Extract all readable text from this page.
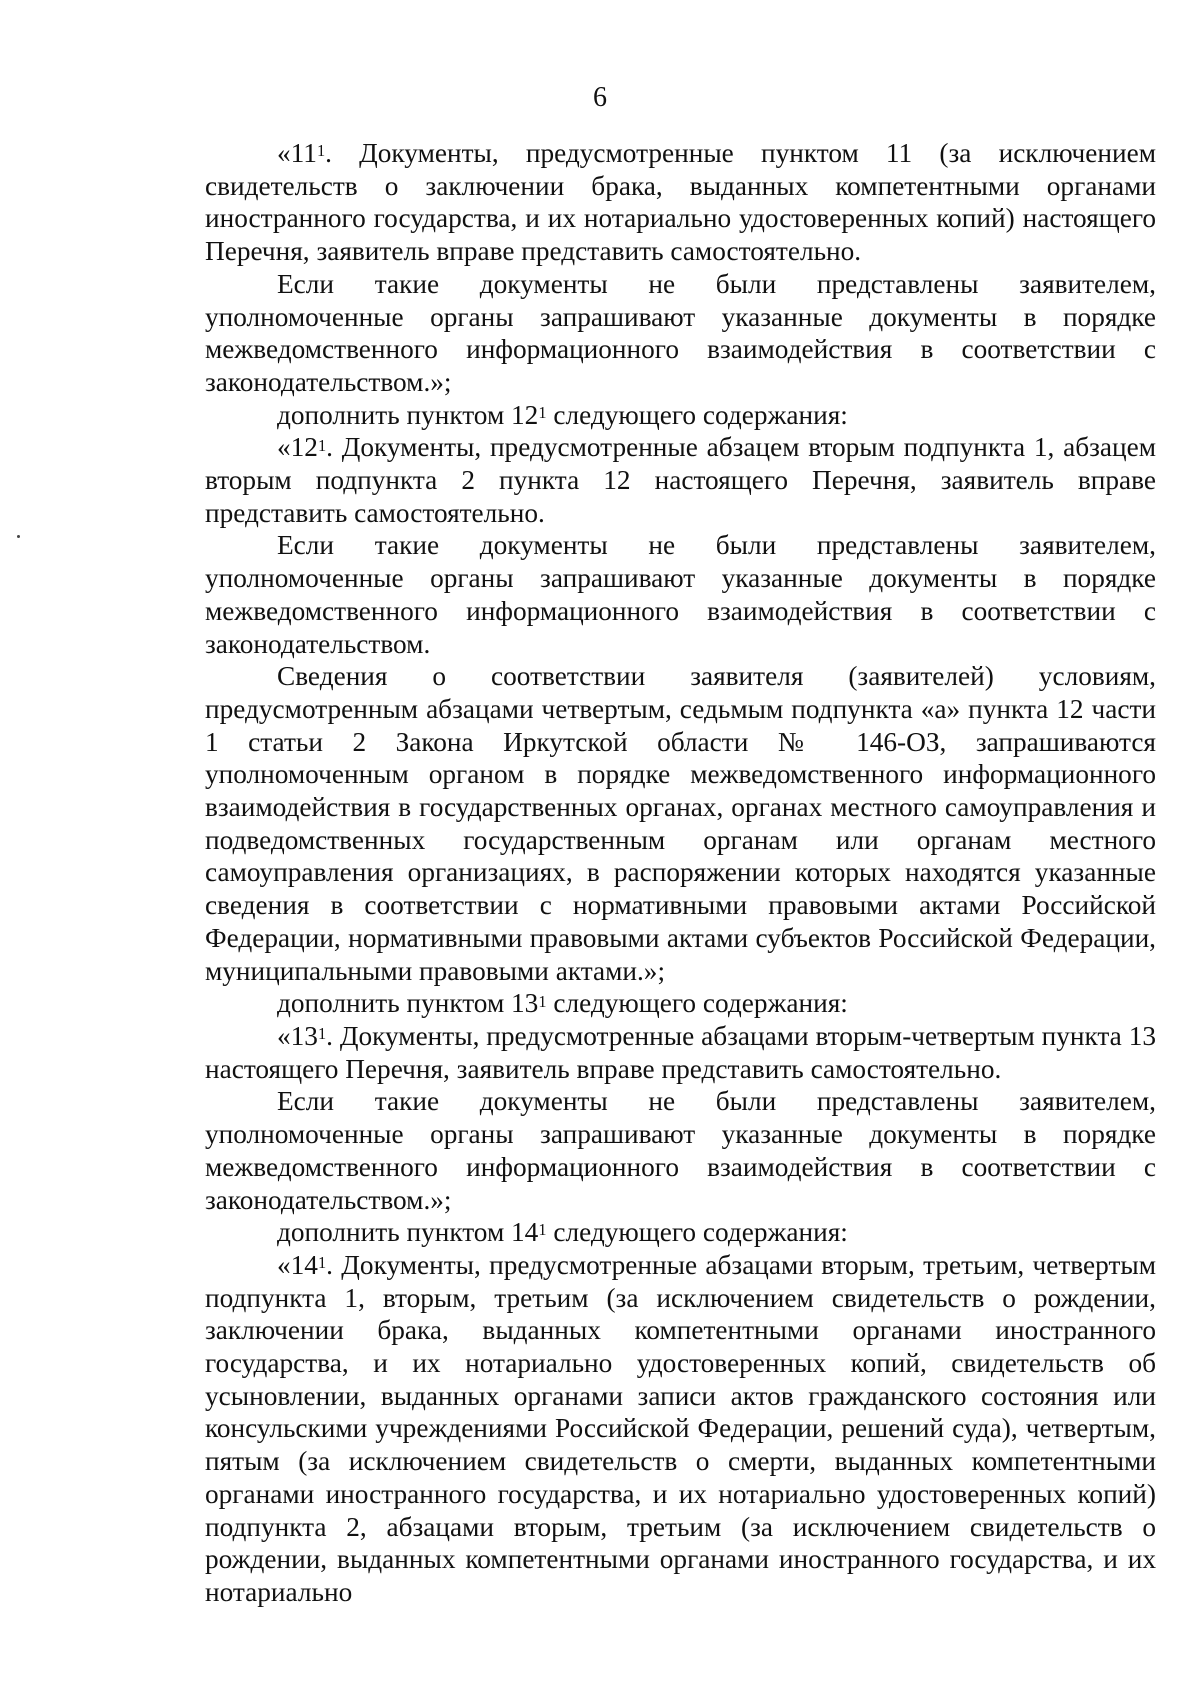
6

«$11^1$. Документы, предусмотренные пунктом 11 (за исключением свидетельств о заключении брака, выданных компетентными органами иностранного государства, и их нотариально удостоверенных копий) настоящего Перечня, заявитель вправе представить самостоятельно.

Если такие документы не были представлены заявителем, уполномоченные органы запрашивают указанные документы в порядке межведомственного информационного взаимодействия в соответствии с законодательством.»;

дополнить пунктом $12^1$ следующего содержания:

«$12^1$. Документы, предусмотренные абзацем вторым подпункта 1, абзацем вторым подпункта 2 пункта 12 настоящего Перечня, заявитель вправе представить самостоятельно.

Если такие документы не были представлены заявителем, уполномоченные органы запрашивают указанные документы в порядке межведомственного информационного взаимодействия в соответствии с законодательством.

Сведения о соответствии заявителя (заявителей) условиям, предусмотренным абзацами четвертым, седьмым подпункта «а» пункта 12 части 1 статьи 2 Закона Иркутской области № 146-ОЗ, запрашиваются уполномоченным органом в порядке межведомственного информационного взаимодействия в государственных органах, органах местного самоуправления и подведомственных государственным органам или органам местного самоуправления организациях, в распоряжении которых находятся указанные сведения в соответствии с нормативными правовыми актами Российской Федерации, нормативными правовыми актами субъектов Российской Федерации, муниципальными правовыми актами.»;

дополнить пунктом $13^1$ следующего содержания:

«$13^1$. Документы, предусмотренные абзацами вторым-четвертым пункта 13 настоящего Перечня, заявитель вправе представить самостоятельно.

Если такие документы не были представлены заявителем, уполномоченные органы запрашивают указанные документы в порядке межведомственного информационного взаимодействия в соответствии с законодательством.»;

дополнить пунктом $14^1$ следующего содержания:

«$14^1$. Документы, предусмотренные абзацами вторым, третьим, четвертым подпункта 1, вторым, третьим (за исключением свидетельств о рождении, заключении брака, выданных компетентными органами иностранного государства, и их нотариально удостоверенных копий, свидетельств об усыновлении, выданных органами записи актов гражданского состояния или консульскими учреждениями Российской Федерации, решений суда), четвертым, пятым (за исключением свидетельств о смерти, выданных компетентными органами иностранного государства, и их нотариально удостоверенных копий) подпункта 2, абзацами вторым, третьим (за исключением свидетельств о рождении, выданных компетентными органами иностранного государства, и их нотариально
